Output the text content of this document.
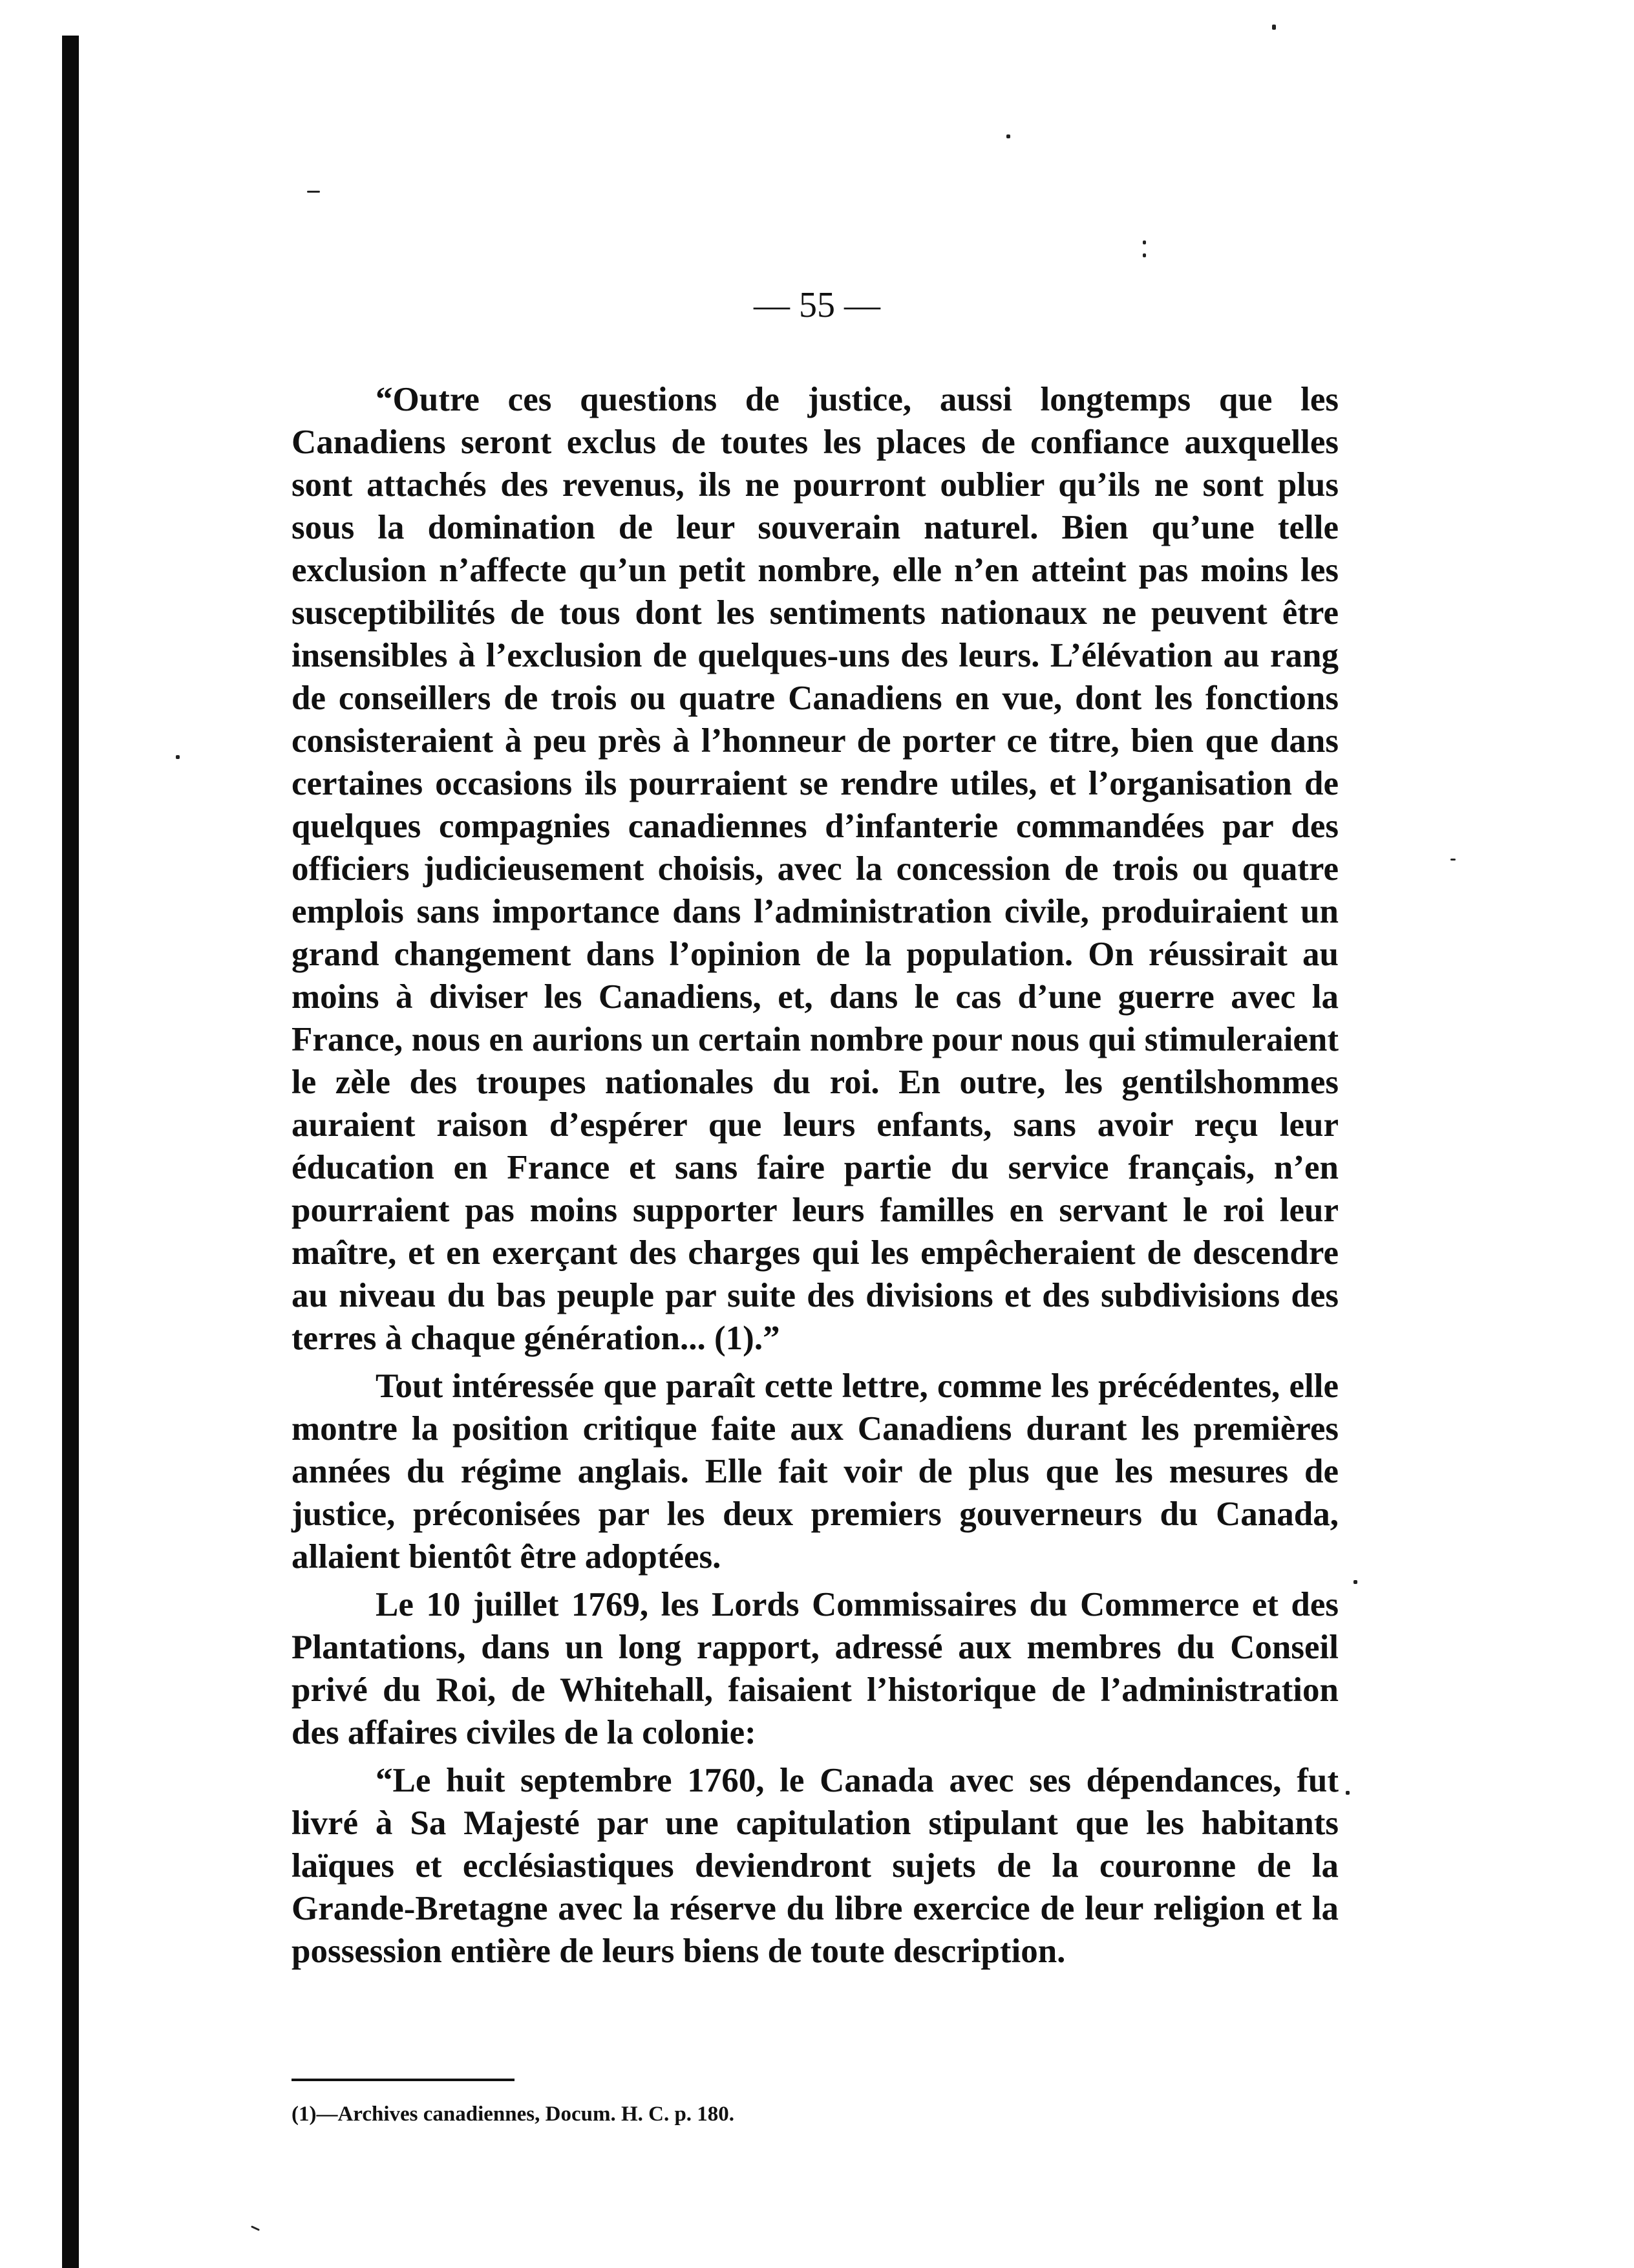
— 55 —

“Outre ces questions de justice, aussi longtemps que les Canadiens seront exclus de toutes les places de confiance auxquelles sont attachés des revenus, ils ne pourront oublier qu’ils ne sont plus sous la domination de leur souverain naturel. Bien qu’une telle exclusion n’affecte qu’un petit nombre, elle n’en atteint pas moins les susceptibilités de tous dont les sentiments nationaux ne peuvent être insensibles à l’exclusion de quelques-uns des leurs. L’élévation au rang de conseillers de trois ou quatre Canadiens en vue, dont les fonctions consisteraient à peu près à l’honneur de porter ce titre, bien que dans certaines occasions ils pourraient se rendre utiles, et l’organisation de quelques compagnies canadiennes d’infanterie commandées par des officiers judicieusement choisis, avec la concession de trois ou quatre emplois sans importance dans l’administration civile, produiraient un grand changement dans l’opinion de la population. On réussirait au moins à diviser les Canadiens, et, dans le cas d’une guerre avec la France, nous en aurions un certain nombre pour nous qui stimuleraient le zèle des troupes nationales du roi. En outre, les gentilshommes auraient raison d’espérer que leurs enfants, sans avoir reçu leur éducation en France et sans faire partie du service français, n’en pourraient pas moins supporter leurs familles en servant le roi leur maître, et en exerçant des charges qui les empêcheraient de descendre au niveau du bas peuple par suite des divisions et des subdivisions des terres à chaque génération... (1).”

Tout intéressée que paraît cette lettre, comme les précédentes, elle montre la position critique faite aux Canadiens durant les premières années du régime anglais. Elle fait voir de plus que les mesures de justice, préconisées par les deux premiers gouverneurs du Canada, allaient bientôt être adoptées.

Le 10 juillet 1769, les Lords Commissaires du Commerce et des Plantations, dans un long rapport, adressé aux membres du Conseil privé du Roi, de Whitehall, faisaient l’historique de l’administration des affaires civiles de la colonie:

“Le huit septembre 1760, le Canada avec ses dépendances, fut livré à Sa Majesté par une capitulation stipulant que les habitants laïques et ecclésiastiques deviendront sujets de la couronne de la Grande-Bretagne avec la réserve du libre exercice de leur religion et la possession entière de leurs biens de toute description.

(1)—Archives canadiennes, Docum. H. C. p. 180.
